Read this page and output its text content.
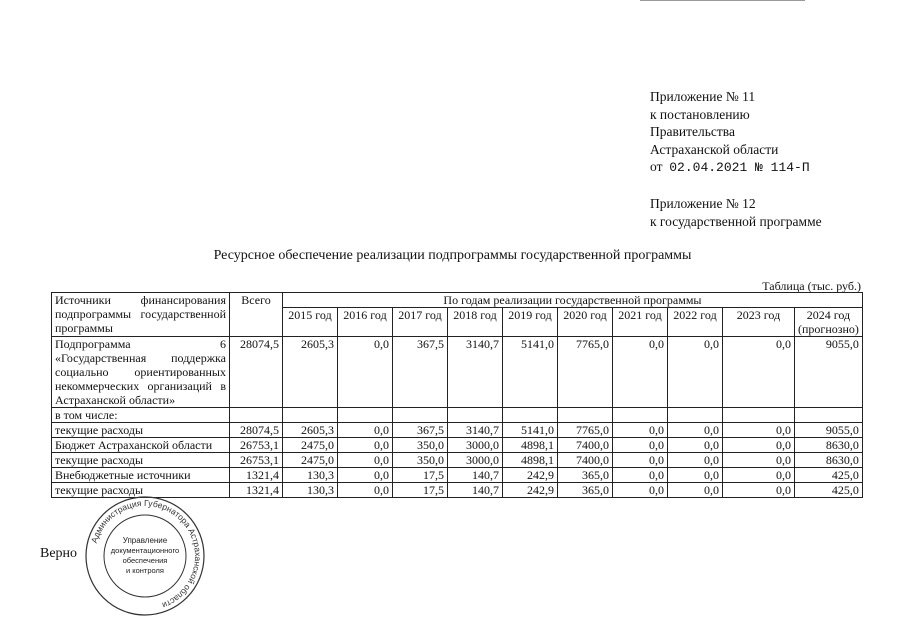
Приложение № 11
к постановлению
Правительства
Астраханской области
от 02.04.2021 № 114-П
Приложение № 12
к государственной программе
Ресурсное обеспечение реализации подпрограммы государственной программы
Таблица (тыс. руб.)
Источники финансирования подпрограммы государственной программы	Всего	По годам реализации государственной программы									
		2015 год	2016 год	2017 год	2018 год	2019 год	2020 год	2021 год	2022 год	2023 год	2024 год (прогнозно)
Подпрограмма 6 «Государственная поддержка социально ориентированных некоммерческих организаций в Астраханской области»	28074,5	2605,3	0,0	367,5	3140,7	5141,0	7765,0	0,0	0,0	0,0	9055,0
в том числе:											
текущие расходы	28074,5	2605,3	0,0	367,5	3140,7	5141,0	7765,0	0,0	0,0	0,0	9055,0
Бюджет Астраханской области	26753,1	2475,0	0,0	350,0	3000,0	4898,1	7400,0	0,0	0,0	0,0	8630,0
текущие расходы	26753,1	2475,0	0,0	350,0	3000,0	4898,1	7400,0	0,0	0,0	0,0	8630,0
Внебюджетные источники	1321,4	130,3	0,0	17,5	140,7	242,9	365,0	0,0	0,0	0,0	425,0
текущие расходы	1321,4	130,3	0,0	17,5	140,7	242,9	365,0	0,0	0,0	0,0	425,0
Администрация Губернатора Астраханской области
Управление
документационного
обеспечения
и контроля
Верно
